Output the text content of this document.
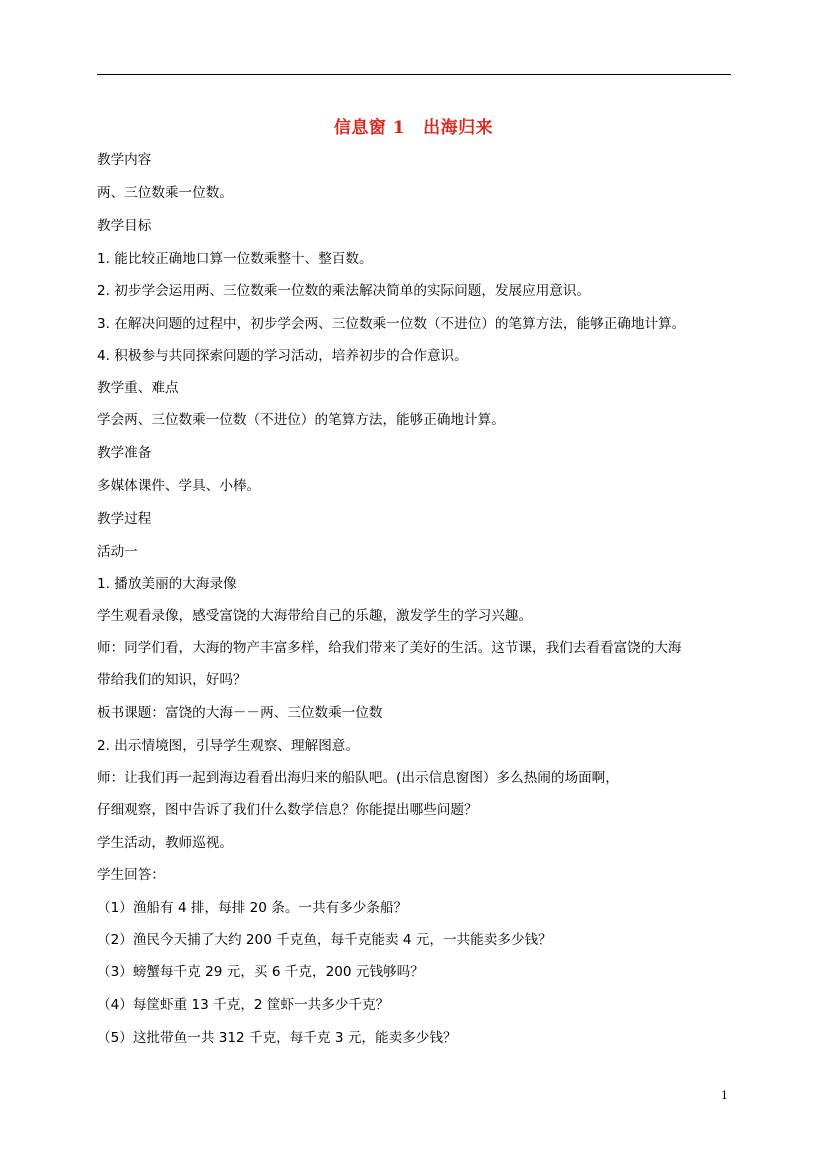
信息窗 1 出海归来
教学内容
两、三位数乘一位数。
教学目标
1. 能比较正确地口算一位数乘整十、整百数。
2. 初步学会运用两、三位数乘一位数的乘法解决简单的实际问题，发展应用意识。
3. 在解决问题的过程中，初步学会两、三位数乘一位数（不进位）的笔算方法，能够正确地计算。
4. 积极参与共同探索问题的学习活动，培养初步的合作意识。
教学重、难点
学会两、三位数乘一位数（不进位）的笔算方法，能够正确地计算。
教学准备
多媒体课件、学具、小棒。
教学过程
活动一
1. 播放美丽的大海录像
学生观看录像，感受富饶的大海带给自己的乐趣，激发学生的学习兴趣。
师：同学们看，大海的物产丰富多样，给我们带来了美好的生活。这节课，我们去看看富饶的大海
带给我们的知识，好吗？
板书课题：富饶的大海－－两、三位数乘一位数
2. 出示情境图，引导学生观察、理解图意。
师：让我们再一起到海边看看出海归来的船队吧。(出示信息窗图）多么热闹的场面啊，
仔细观察，图中告诉了我们什么数学信息？你能提出哪些问题？
学生活动，教师巡视。
学生回答：
（1）渔船有 4 排，每排 20 条。一共有多少条船？
（2）渔民今天捕了大约 200 千克鱼，每千克能卖 4 元，一共能卖多少钱？
（3）螃蟹每千克 29 元，买 6 千克，200 元钱够吗？
（4）每筐虾重 13 千克，2 筐虾一共多少千克？
（5）这批带鱼一共 312 千克，每千克 3 元，能卖多少钱？
1
